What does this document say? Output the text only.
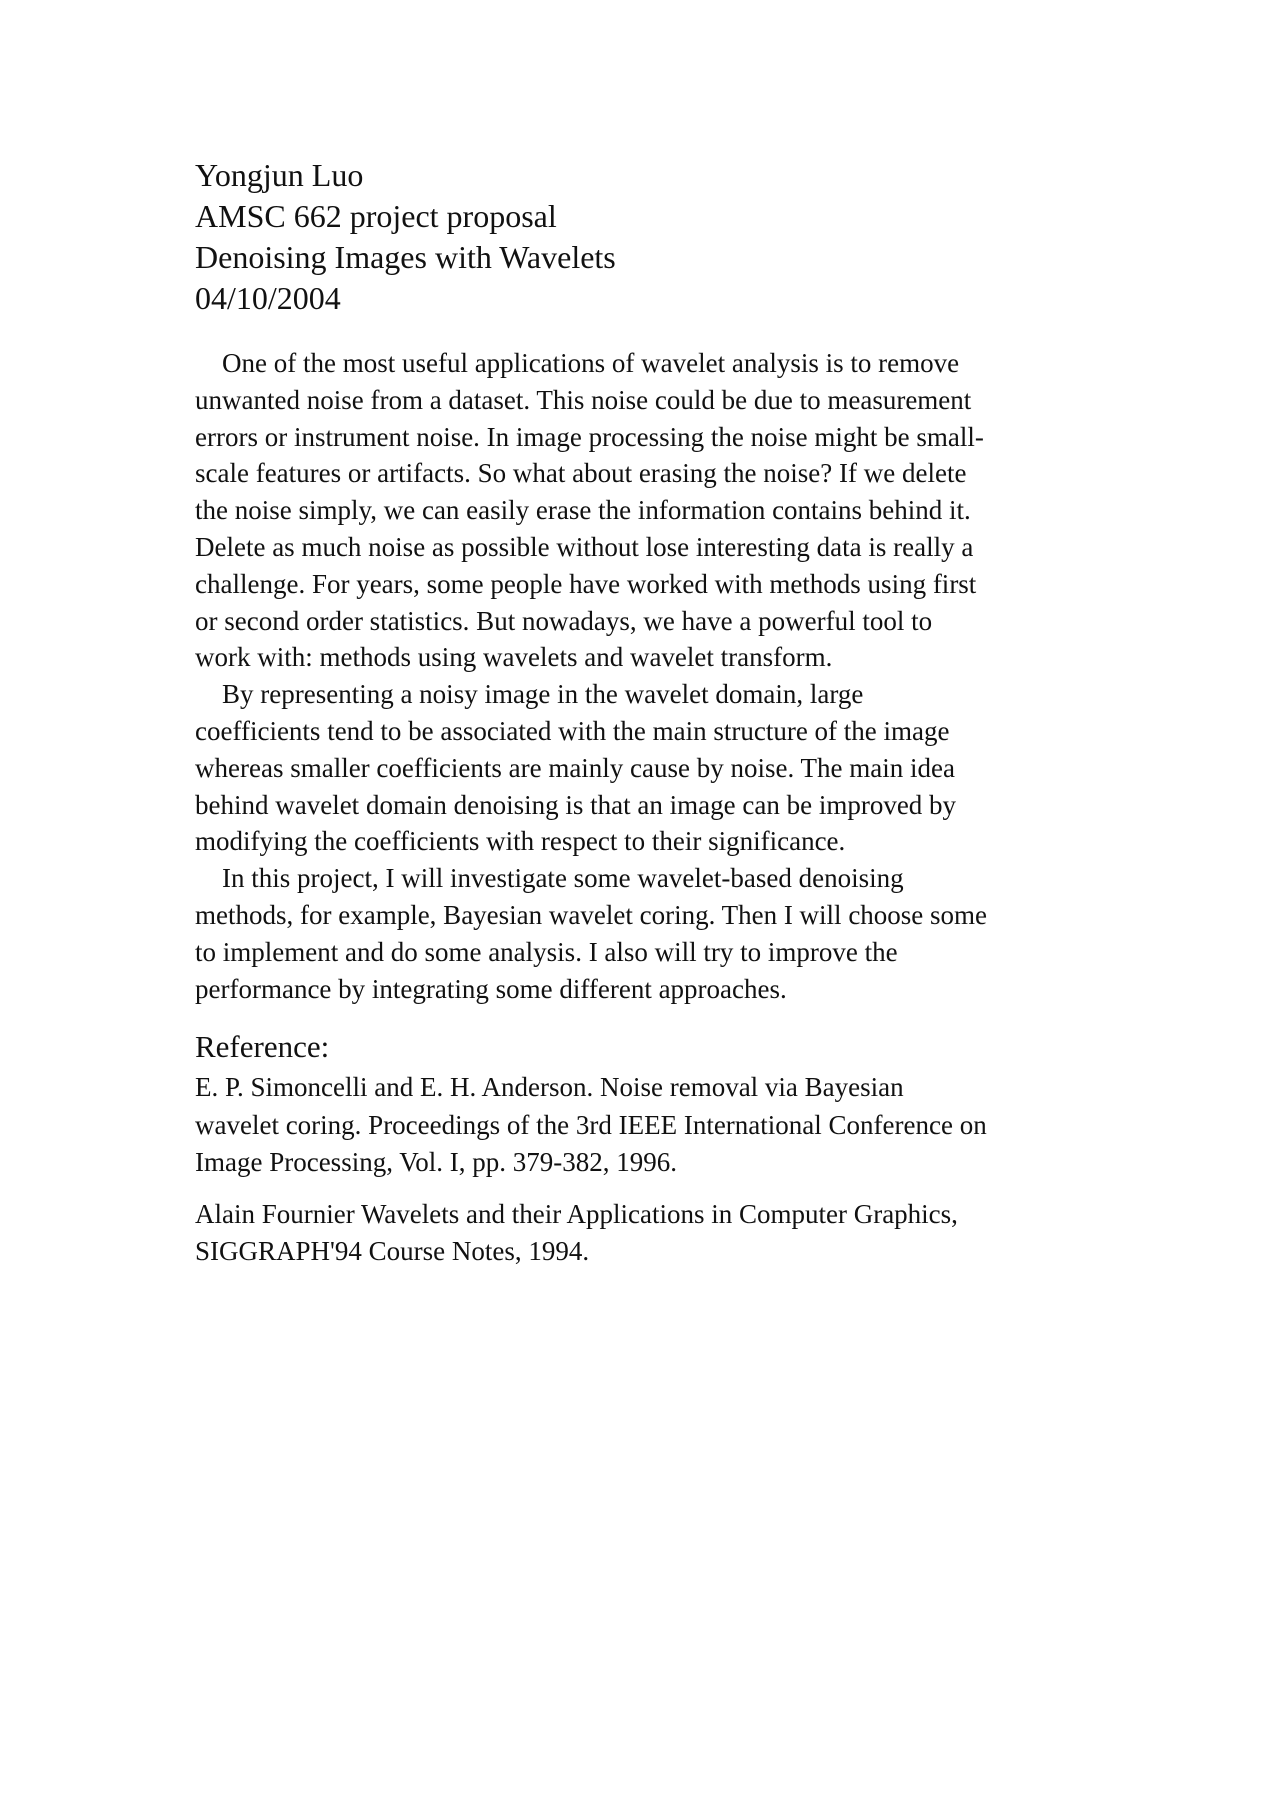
Yongjun Luo

AMSC 662 project proposal

Denoising Images with Wavelets

04/10/2004

One of the most useful applications of wavelet analysis is to remove
unwanted noise from a dataset. This noise could be due to measurement
errors or instrument noise. In image processing the noise might be small-
scale features or artifacts. So what about erasing the noise? If we delete
the noise simply, we can easily erase the information contains behind it.
Delete as much noise as possible without lose interesting data is really a
challenge. For years, some people have worked with methods using first
or second order statistics. But nowadays, we have a powerful tool to
work with: methods using wavelets and wavelet transform.

By representing a noisy image in the wavelet domain, large
coefficients tend to be associated with the main structure of the image
whereas smaller coefficients are mainly cause by noise. The main idea
behind wavelet domain denoising is that an image can be improved by
modifying the coefficients with respect to their significance.

In this project, I will investigate some wavelet-based denoising
methods, for example, Bayesian wavelet coring. Then I will choose some
to implement and do some analysis. I also will try to improve the
performance by integrating some different approaches.

Reference:

E. P. Simoncelli and E. H. Anderson. Noise removal via Bayesian
wavelet coring. Proceedings of the 3rd IEEE International Conference on
Image Processing, Vol. I, pp. 379-382, 1996.

Alain Fournier Wavelets and their Applications in Computer Graphics,
SIGGRAPH'94 Course Notes, 1994.
